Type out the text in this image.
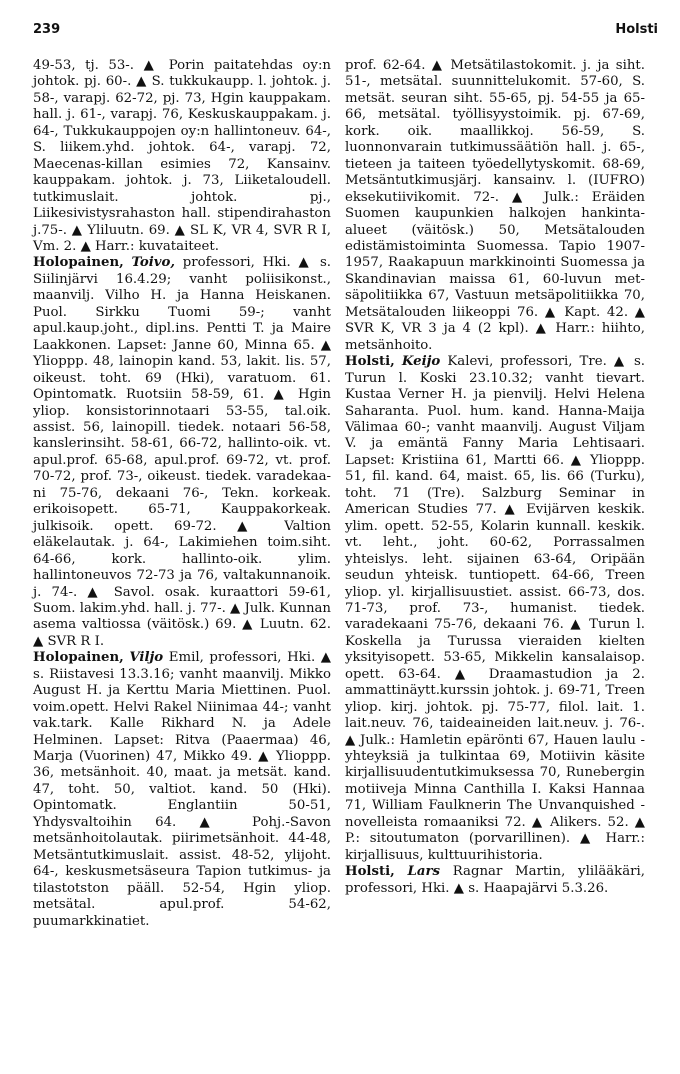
239	Holsti

49-53, tj. 53-. ▲ Porin paitatehdas oy:n johtok. pj. 60-. ▲ S. tukkukaupp. l. johtok. j. 58-, varapj. 62-72, pj. 73, Hgin kauppakam. hall. j. 61-, varapj. 76, Keskuskauppakam. j. 64-, Tukkukauppojen oy:n hallintoneuv. 64-, S. liikem.yhd. johtok. 64-, varapj. 72, Maecenas-killan esimies 72, Kansainv. kauppakam. johtok. j. 73, Liiketaloudell. tutkimuslait. johtok. pj., Liikesivistysrahaston hall. stipendirahaston j.75-. ▲ Yliluutn. 69. ▲ SL K, VR 4, SVR R I, Vm. 2. ▲ Harr.: kuvataiteet.

Holopainen, Toivo, professori, Hki. ▲ s. Siilinjärvi 16.4.29; vanht poliisikonst., maanvilj. Vilho H. ja Hanna Heiskanen. Puol. Sirkku Tuomi 59-; vanht apul.kaup.joht., dipl.ins. Pentti T. ja Maire Laakkonen. Lapset: Janne 60, Minna 65. ▲ Ylioppp. 48, lainopin kand. 53, lakit. lis. 57, oikeust. toht. 69 (Hki), varatuom. 61. Opintomatk. Ruotsiin 58-59, 61. ▲ Hgin yliop. konsistorinnotaari 53-55, tal.oik. assist. 56, lainopill. tiedek. notaari 56-58, kanslerinsiht. 58-61, 66-72, hallinto-oik. vt. apul.prof. 65-68, apul.prof. 69-72, vt. prof. 70-72, prof. 73-, oikeust. tiedek. varadekaani 75-76, dekaani 76-, Tekn. korkeak. erikoisopett. 65-71, Kauppakorkeak. julkisoik. opett. 69-72. ▲ Valtion eläkelautak. j. 64-, Lakimiehen toim.siht. 64-66, kork. hallinto-oik. ylim. hallintoneuvos 72-73 ja 76, valtakunnanoik. j. 74-. ▲ Savol. osak. kuraattori 59-61, Suom. lakim.yhd. hall. j. 77-. ▲ Julk. Kunnan asema valtiossa (väitösk.) 69. ▲ Luutn. 62. ▲ SVR R I.

Holopainen, Viljo Emil, professori, Hki. ▲ s. Riistavesi 13.3.16; vanht maanvilj. Mikko August H. ja Kerttu Maria Miettinen. Puol. voim.opett. Helvi Rakel Niinimaa 44-; vanht vak.tark. Kalle Rikhard N. ja Adele Helminen. Lapset: Ritva (Paaermaa) 46, Marja (Vuorinen) 47, Mikko 49. ▲ Ylioppp. 36, metsänhoit. 40, maat. ja metsät. kand. 47, toht. 50, valtiot. kand. 50 (Hki). Opintomatk. Englantiin 50-51, Yhdysvaltoihin 64. ▲ Pohj.-Savon metsänhoitolautak. piirimetsänhoit. 44-48, Metsäntutkimuslait. assist. 48-52, ylijoht. 64-, keskusmetsäseura Tapion tutkimus- ja tilastotston pääll. 52-54, Hgin yliop. metsätal. apul.prof. 54-62, puumarkkinatiet.

prof. 62-64. ▲ Metsätilastokomit. j. ja siht. 51-, metsätal. suunnittelukomit. 57-60, S. metsät. seuran siht. 55-65, pj. 54-55 ja 65-66, metsätal. työllisyystoimik. pj. 67-69, kork. oik. maallikkoj. 56-59, S. luonnonvarain tutkimussäätiön hall. j. 65-, tieteen ja taiteen työedellytyskomit. 68-69, Metsäntutkimusjärj. kansainv. l. (IUFRO) eksekutiivikomit. 72-. ▲ Julk.: Eräiden Suomen kaupunkien halkojen hankinta-alueet (väitösk.) 50, Metsätalouden edistämistoiminta Suomessa. Tapio 1907-1957, Raakapuun markkinointi Suomessa ja Skandinavian maissa 61, 60-luvun metsäpolitiikka 67, Vastuun metsäpolitiikka 70, Metsätalouden liikeoppi 76. ▲ Kapt. 42. ▲ SVR K, VR 3 ja 4 (2 kpl). ▲ Harr.: hiihto, metsänhoito.

Holsti, Keijo Kalevi, professori, Tre. ▲ s. Turun l. Koski 23.10.32; vanht tievart. Kustaa Verner H. ja pienvilj. Helvi Helena Saharanta. Puol. hum. kand. Hanna-Maija Välimaa 60-; vanht maanvilj. August Viljam V. ja emäntä Fanny Maria Lehtisaari. Lapset: Kristiina 61, Martti 66. ▲ Ylioppp. 51, fil. kand. 64, maist. 65, lis. 66 (Turku), toht. 71 (Tre). Salzburg Seminar in American Studies 77. ▲ Evijärven keskik. ylim. opett. 52-55, Kolarin kunnall. keskik. vt. leht., joht. 60-62, Porrassalmen yhteislys. leht. sijainen 63-64, Oripään seudun yhteisk. tuntiopett. 64-66, Treen yliop. yl. kirjallisuustiet. assist. 66-73, dos. 71-73, prof. 73-, humanist. tiedek. varadekaani 75-76, dekaani 76. ▲ Turun l. Koskella ja Turussa vieraiden kielten yksityisopett. 53-65, Mikkelin kansalaisop. opett. 63-64. ▲ Draamastudion ja 2. ammattinäytt.kurssin johtok. j. 69-71, Treen yliop. kirj. johtok. pj. 75-77, filol. lait. 1. lait.neuv. 76, taideaineiden lait.neuv. j. 76-. ▲ Julk.: Hamletin epärönti 67, Hauen laulu - yhteyksiä ja tulkintaa 69, Motiivin käsite kirjallisuudentutkimuksessa 70, Runebergin motiiveja Minna Canthilla I. Kaksi Hannaa 71, William Faulknerin The Unvanquished - novelleista romaaniksi 72. ▲ Alikers. 52. ▲ P.: sitoutumaton (porvarillinen). ▲ Harr.: kirjallisuus, kulttuurihistoria.

Holsti, Lars Ragnar Martin, ylilääkäri, professori, Hki. ▲ s. Haapajärvi 5.3.26.
